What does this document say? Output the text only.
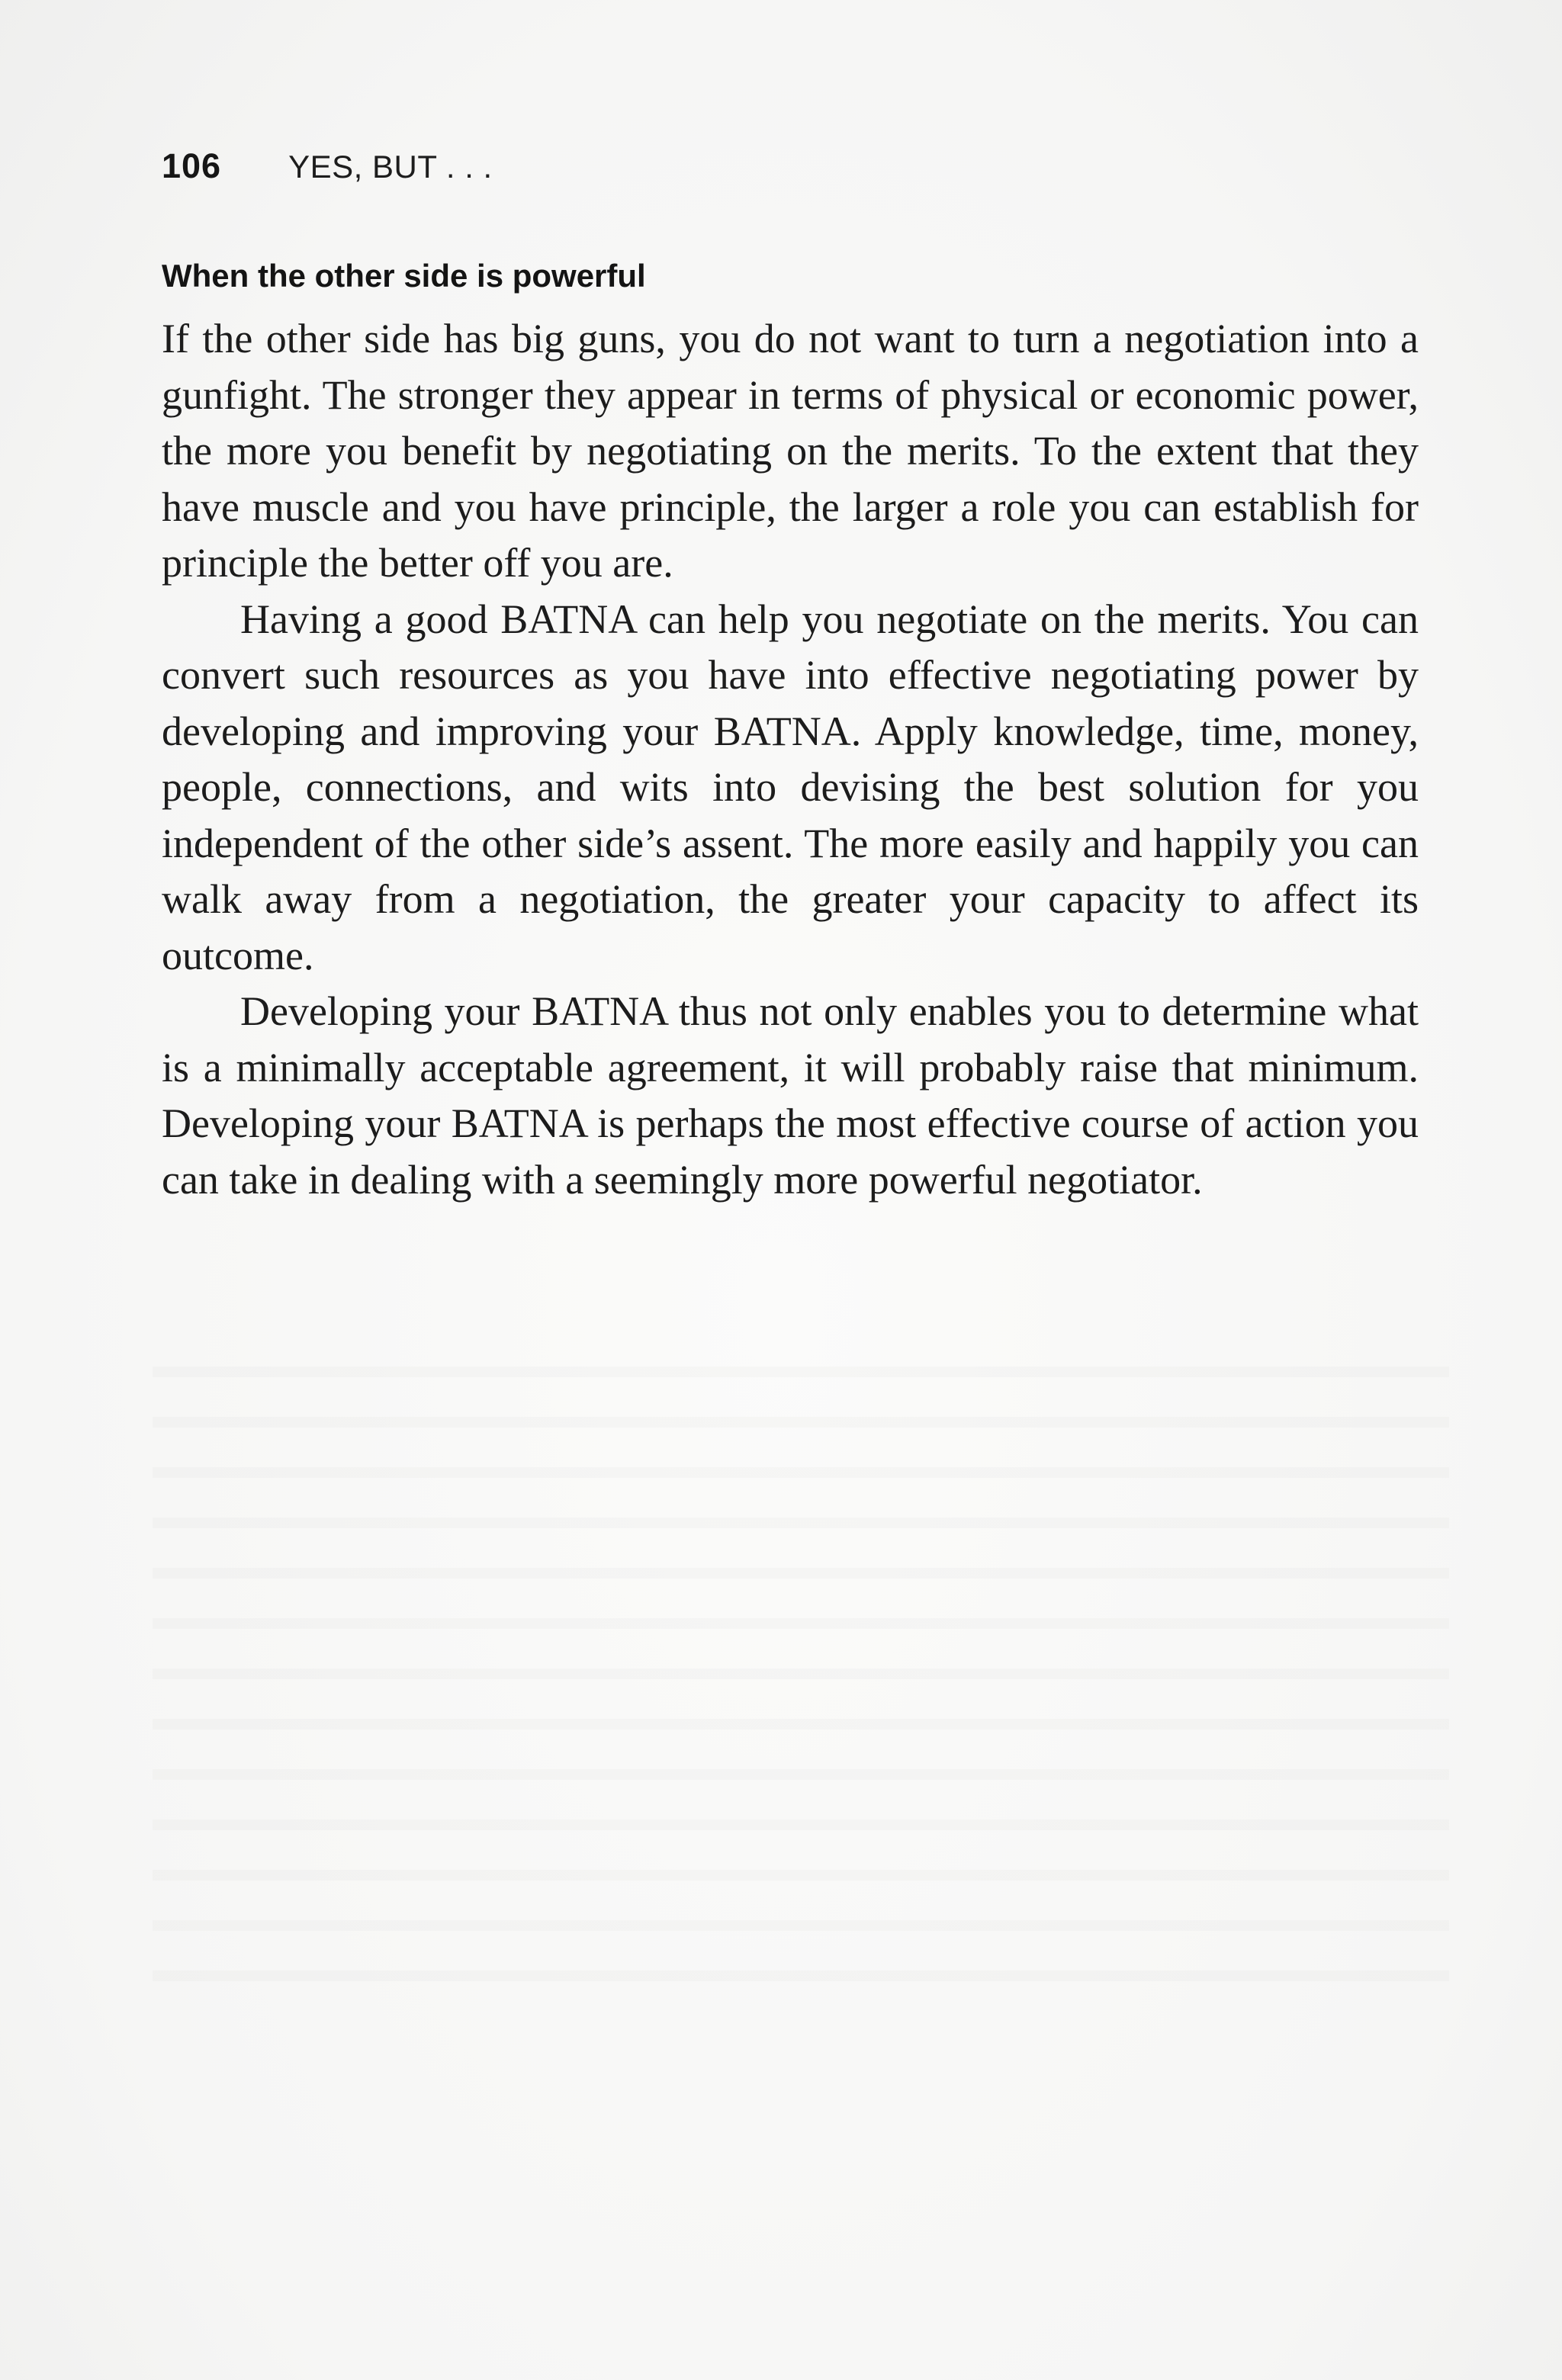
106 YES, BUT . . .
When the other side is powerful

If the other side has big guns, you do not want to turn a negotiation into a gunfight. The stronger they appear in terms of physical or economic power, the more you benefit by negotiating on the merits. To the extent that they have muscle and you have principle, the larger a role you can establish for principle the better off you are.

Having a good BATNA can help you negotiate on the merits. You can convert such resources as you have into effective negotiating power by developing and improving your BATNA. Apply knowledge, time, money, people, connections, and wits into devising the best solution for you independent of the other side’s assent. The more easily and happily you can walk away from a negotiation, the greater your capacity to affect its outcome.

Developing your BATNA thus not only enables you to determine what is a minimally acceptable agreement, it will probably raise that minimum. Developing your BATNA is perhaps the most effective course of action you can take in dealing with a seemingly more powerful negotiator.
